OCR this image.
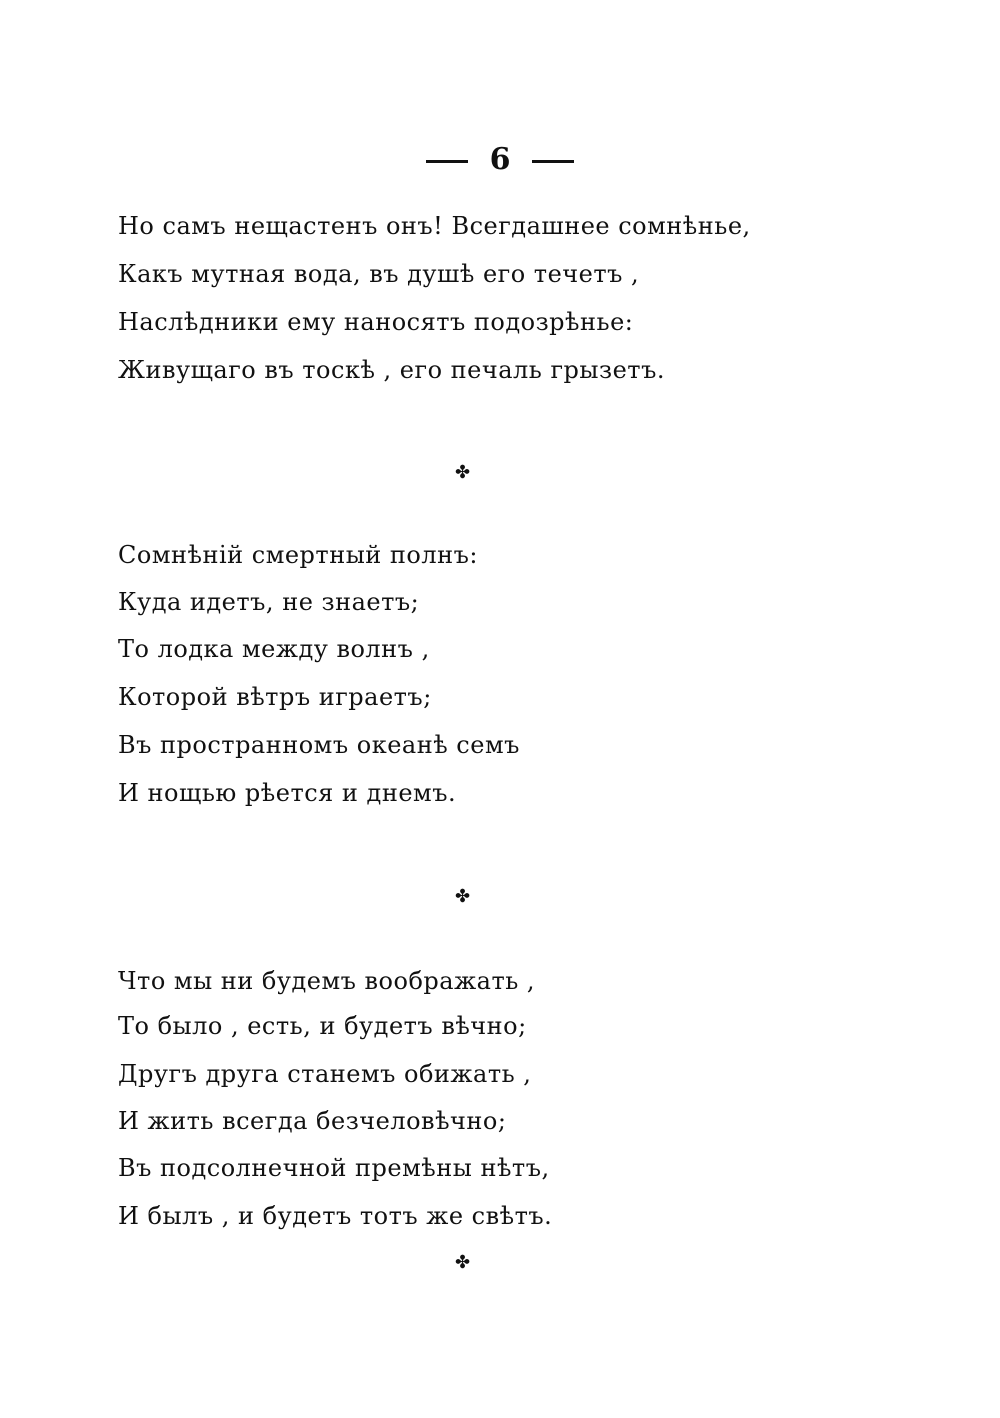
6
Но самъ нещастенъ онъ! Всегдашнее сомнѣнье,
Какъ мутная вода, въ душѣ его течетъ ,
Наслѣдники ему наносятъ подозрѣнье:
Живущаго въ тоскѣ , его печаль грызетъ.
✤
Сомнѣній смертный полнъ:
Куда идетъ, не знаетъ;
То лодка между волнъ ,
Которой вѣтръ играетъ;
Въ пространномъ океанѣ семъ
И нощью рѣется и днемъ.
✤
Что мы ни будемъ воображать ,
То было , есть, и будетъ вѣчно;
Другъ друга станемъ обижать ,
И жить всегда безчеловѣчно;
Въ подсолнечной премѣны нѣтъ,
И былъ , и будетъ тотъ же свѣтъ.
✤
